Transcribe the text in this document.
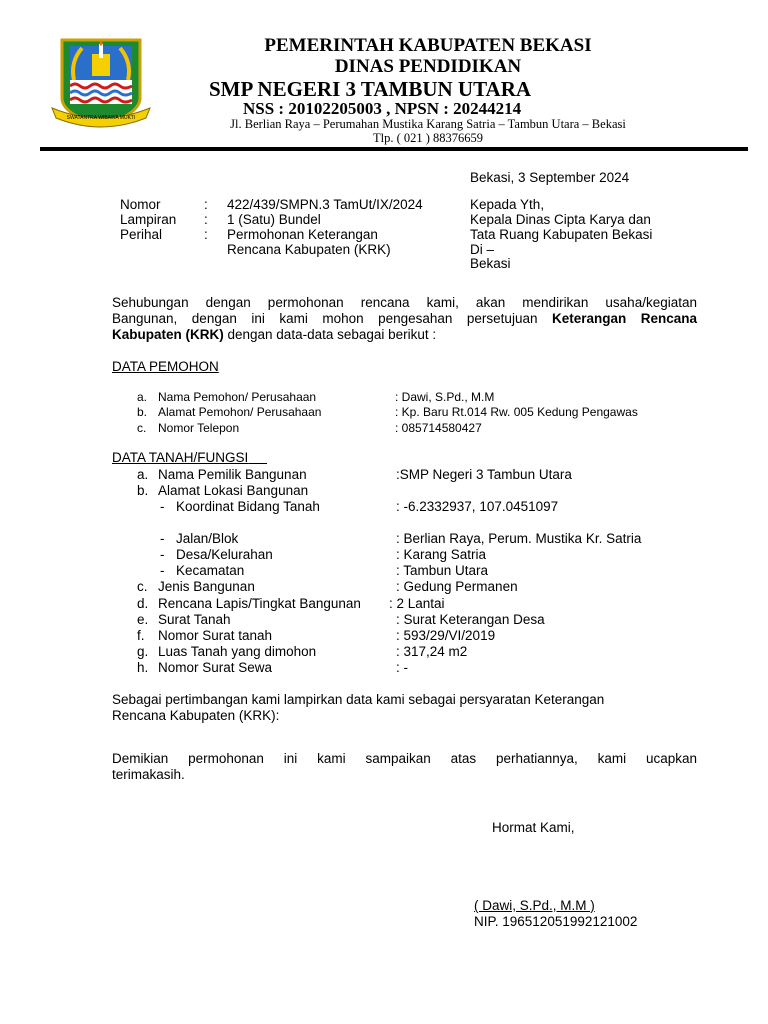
SWATANTRA WIBAWA MUKTI
PEMERINTAH KABUPATEN BEKASI
DINAS PENDIDIKAN
SMP NEGERI 3 TAMBUN UTARA
NSS : 20102205003 , NPSN : 20244214
Jl. Berlian Raya – Perumahan Mustika Karang Satria – Tambun Utara – Bekasi
Tlp. ( 021 ) 88376659
Bekasi, 3 September 2024
Nomor	: 422/439/SMPN.3 TamUt/IX/2024
Lampiran : 1 (Satu) Bundel
Perihal	: Permohonan Keterangan
Rencana Kabupaten (KRK)
Kepada Yth,
Kepala Dinas Cipta Karya dan
Tata Ruang Kabupaten Bekasi
Di –
Bekasi
Sehubungan dengan permohonan rencana kami, akan mendirikan usaha/kegiatan
Bangunan, dengan ini kami mohon pengesahan persetujuan Keterangan Rencana
Kabupaten (KRK) dengan data-data sebagai berikut :
DATA PEMOHON
a. Nama Pemohon/ Perusahaan	: Dawi, S.Pd., M.M
b. Alamat Pemohon/ Perusahaan	: Kp. Baru Rt.014 Rw. 005 Kedung Pengawas
c. Nomor Telepon	: 085714580427
DATA TANAH/FUNGSI
a. Nama Pemilik Bangunan	:SMP Negeri 3 Tambun Utara
b. Alamat Lokasi Bangunan
- Koordinat Bidang Tanah	: -6.2332937, 107.0451097
- Jalan/Blok	: Berlian Raya, Perum. Mustika Kr. Satria
- Desa/Kelurahan	: Karang Satria
- Kecamatan	: Tambun Utara
c. Jenis Bangunan	: Gedung Permanen
d. Rencana Lapis/Tingkat Bangunan : 2 Lantai
e. Surat Tanah	: Surat Keterangan Desa
f. Nomor Surat tanah	: 593/29/VI/2019
g. Luas Tanah yang dimohon	: 317,24 m2
h. Nomor Surat Sewa	: -
Sebagai pertimbangan kami lampirkan data kami sebagai persyaratan Keterangan
Rencana Kabupaten (KRK):
Demikian permohonan ini kami sampaikan atas perhatiannya, kami ucapkan
terimakasih.
Hormat Kami,
( Dawi, S.Pd., M.M )
NIP. 196512051992121002
